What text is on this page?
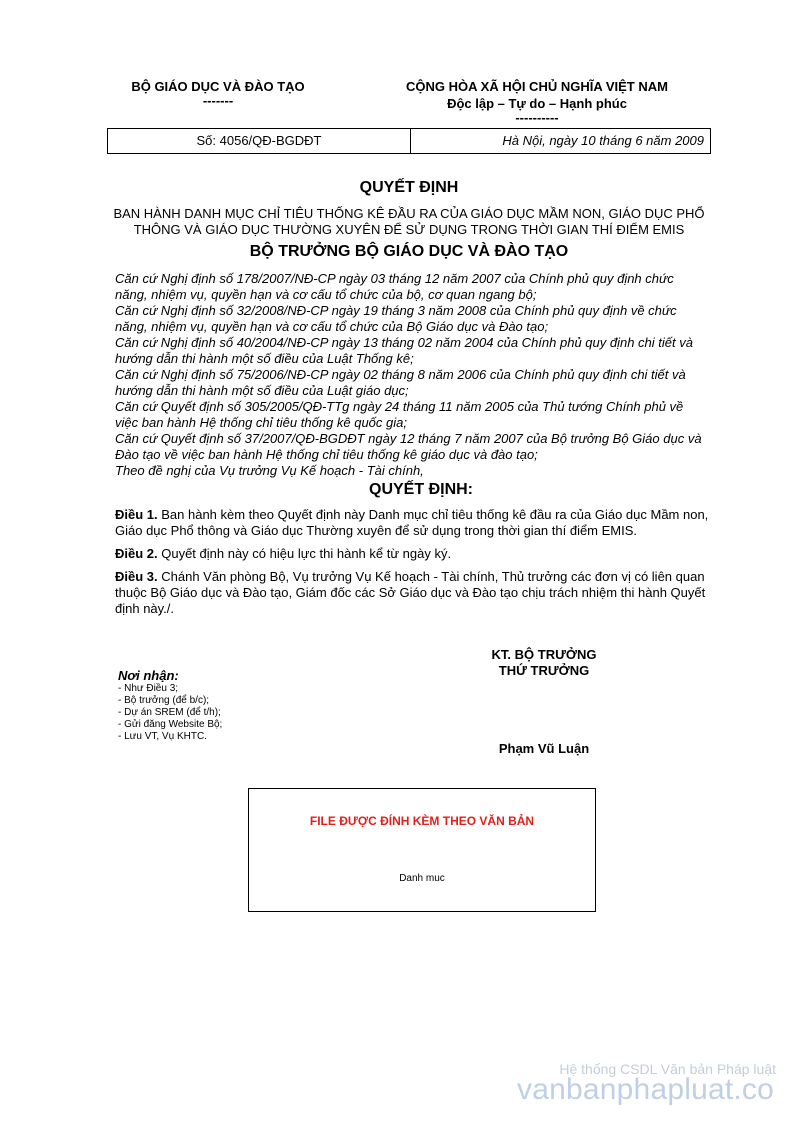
BỘ GIÁO DỤC VÀ ĐÀO TẠO
-------
CỘNG HÒA XÃ HỘI CHỦ NGHĨA VIỆT NAM
Độc lập – Tự do – Hạnh phúc
----------
Số: 4056/QĐ-BGDĐT	Hà Nội, ngày 10 tháng 6 năm 2009
QUYẾT ĐỊNH
BAN HÀNH DANH MỤC CHỈ TIÊU THỐNG KÊ ĐẦU RA CỦA GIÁO DỤC MẦM NON, GIÁO DỤC PHỔ
THÔNG VÀ GIÁO DỤC THƯỜNG XUYÊN ĐỂ SỬ DỤNG TRONG THỜI GIAN THÍ ĐIỂM EMIS
BỘ TRƯỞNG BỘ GIÁO DỤC VÀ ĐÀO TẠO

Căn cứ Nghị định số 178/2007/NĐ-CP ngày 03 tháng 12 năm 2007 của Chính phủ quy định chức

năng, nhiệm vụ, quyền hạn và cơ cấu tổ chức của bộ, cơ quan ngang bộ;

Căn cứ Nghị định số 32/2008/NĐ-CP ngày 19 tháng 3 năm 2008 của Chính phủ quy định về chức

năng, nhiệm vụ, quyền hạn và cơ cấu tổ chức của Bộ Giáo dục và Đào tạo;

Căn cứ Nghị định số 40/2004/NĐ-CP ngày 13 tháng 02 năm 2004 của Chính phủ quy định chi tiết và

hướng dẫn thi hành một số điều của Luật Thống kê;

Căn cứ Nghị định số 75/2006/NĐ-CP ngày 02 tháng 8 năm 2006 của Chính phủ quy định chi tiết và

hướng dẫn thi hành một số điều của Luật giáo dục;

Căn cứ Quyết định số 305/2005/QĐ-TTg ngày 24 tháng 11 năm 2005 của Thủ tướng Chính phủ về

việc ban hành Hệ thống chỉ tiêu thống kê quốc gia;

Căn cứ Quyết định số 37/2007/QĐ-BGDĐT ngày 12 tháng 7 năm 2007 của Bộ trưởng Bộ Giáo dục và

Đào tạo về việc ban hành Hệ thống chỉ tiêu thống kê giáo dục và đào tạo;

Theo đề nghị của Vụ trưởng Vụ Kế hoạch - Tài chính,

QUYẾT ĐỊNH:

Điều 1. Ban hành kèm theo Quyết định này Danh mục chỉ tiêu thống kê đầu ra của Giáo dục Mầm non,

Giáo dục Phổ thông và Giáo dục Thường xuyên để sử dụng trong thời gian thí điểm EMIS.

Điều 2. Quyết định này có hiệu lực thi hành kể từ ngày ký.

Điều 3. Chánh Văn phòng Bộ, Vụ trưởng Vụ Kế hoạch - Tài chính, Thủ trưởng các đơn vị có liên quan

thuộc Bộ Giáo dục và Đào tạo, Giám đốc các Sở Giáo dục và Đào tạo chịu trách nhiệm thi hành Quyết

định này./.

KT. BỘ TRƯỞNG
THỨ TRƯỞNG
Phạm Vũ Luận
Nơi nhận:
- Như Điều 3;
- Bộ trưởng (để b/c);
- Dự án SREM (để t/h);
- Gửi đăng Website Bộ;
- Lưu VT, Vụ KHTC.
FILE ĐƯỢC ĐÍNH KÈM THEO VĂN BẢN
Danh muc
Hệ thống CSDL Văn bản Pháp luật
vanbanphapluat.co
